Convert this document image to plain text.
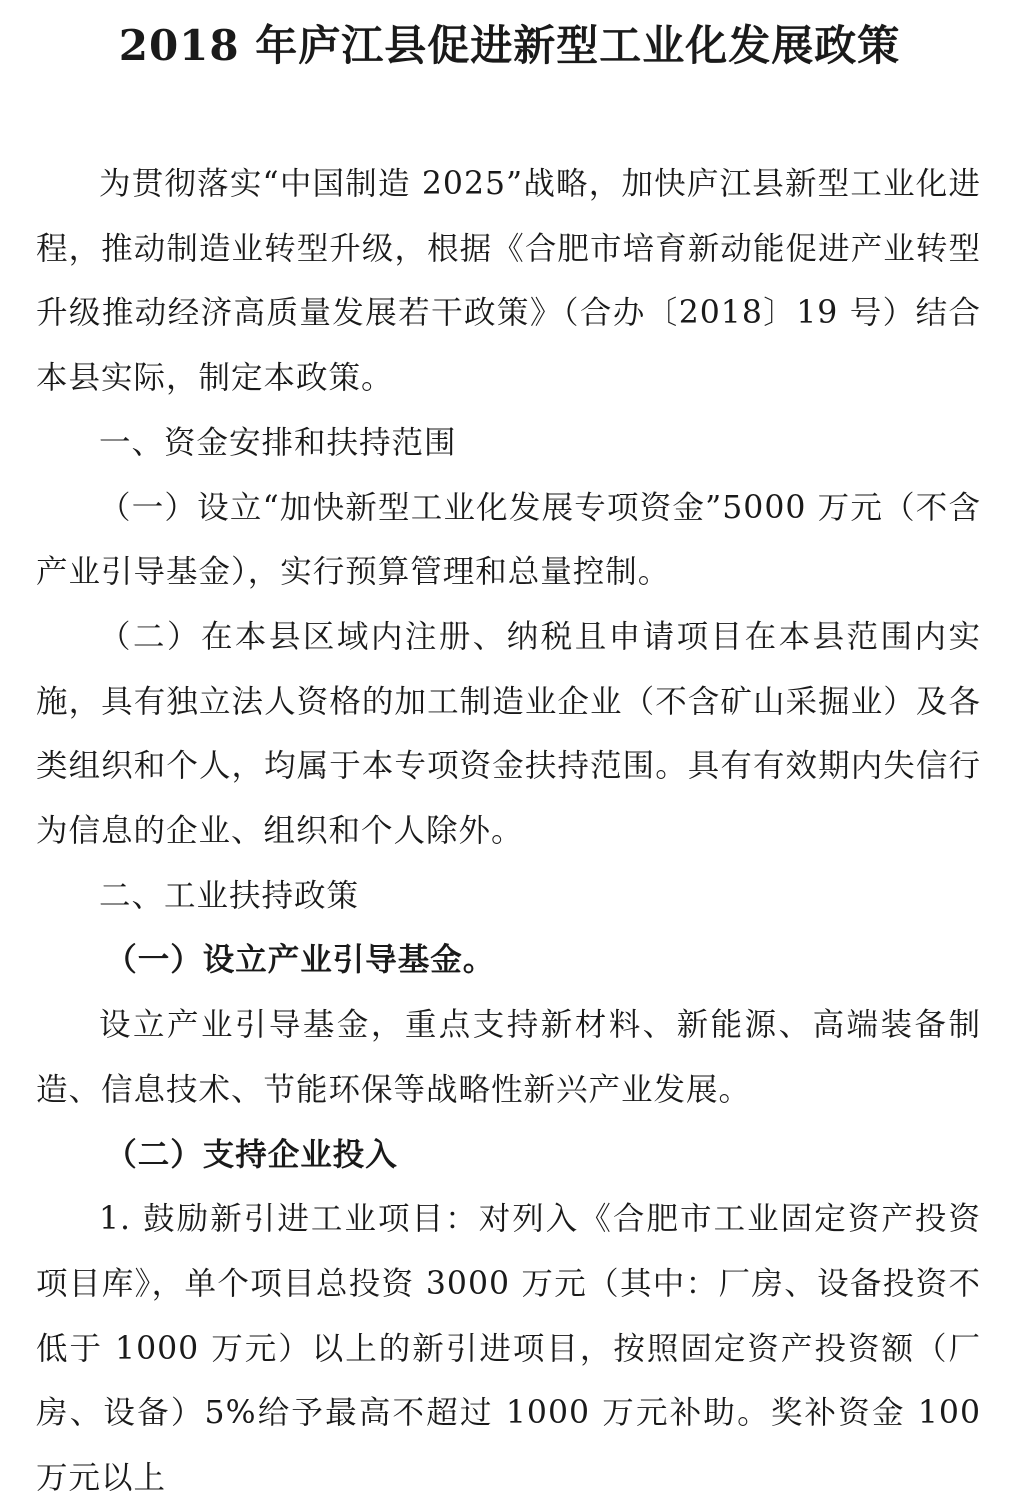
2018 年庐江县促进新型工业化发展政策

为贯彻落实“中国制造 2025”战略，加快庐江县新型工业化进程，推动制造业转型升级，根据《合肥市培育新动能促进产业转型升级推动经济高质量发展若干政策》（合办〔2018〕19 号）结合本县实际，制定本政策。

一、资金安排和扶持范围

（一）设立“加快新型工业化发展专项资金”5000 万元（不含产业引导基金），实行预算管理和总量控制。

（二）在本县区域内注册、纳税且申请项目在本县范围内实施，具有独立法人资格的加工制造业企业（不含矿山采掘业）及各类组织和个人，均属于本专项资金扶持范围。具有有效期内失信行为信息的企业、组织和个人除外。

二、工业扶持政策

（一）设立产业引导基金。

设立产业引导基金，重点支持新材料、新能源、高端装备制造、信息技术、节能环保等战略性新兴产业发展。

（二）支持企业投入

1. 鼓励新引进工业项目：对列入《合肥市工业固定资产投资项目库》，单个项目总投资 3000 万元（其中：厂房、设备投资不低于 1000 万元）以上的新引进项目，按照固定资产投资额（厂房、设备）5%给予最高不超过 1000 万元补助。奖补资金 100 万元以上
